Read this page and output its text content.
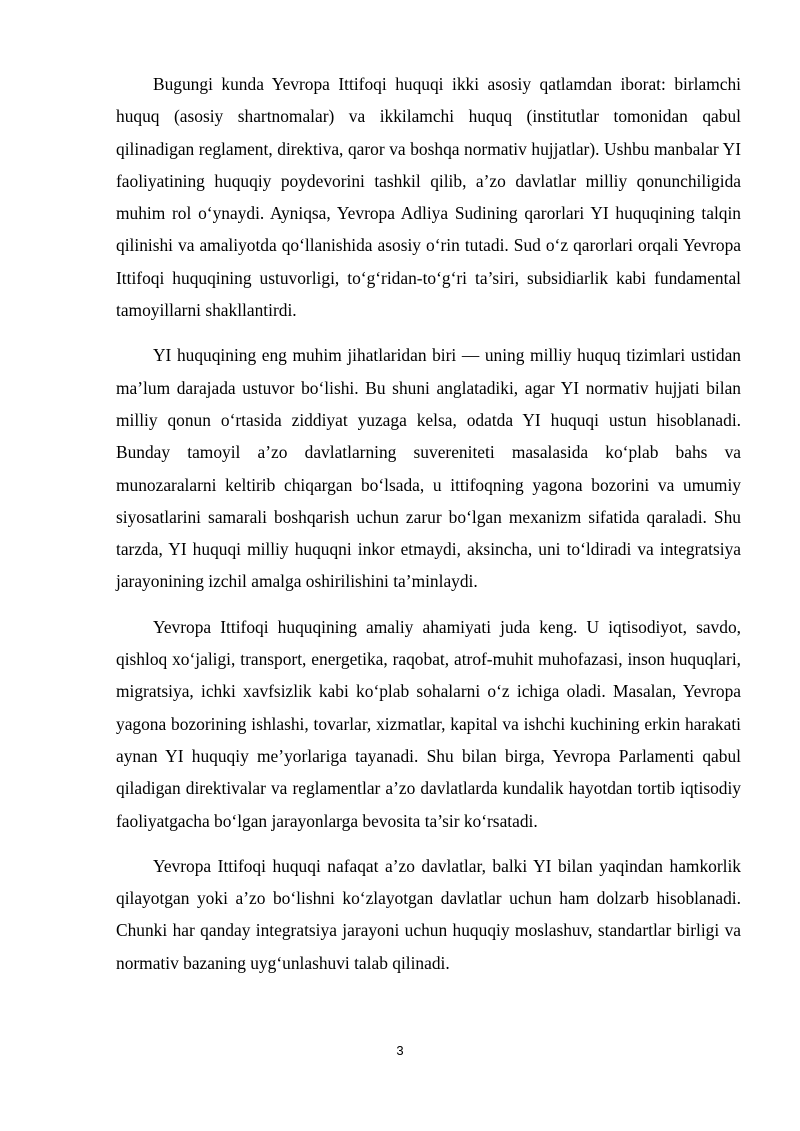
Bugungi kunda Yevropa Ittifoqi huquqi ikki asosiy qatlamdan iborat: birlamchi huquq (asosiy shartnomalar) va ikkilamchi huquq (institutlar tomonidan qabul qilinadigan reglament, direktiva, qaror va boshqa normativ hujjatlar). Ushbu manbalar YI faoliyatining huquqiy poydevorini tashkil qilib, a’zo davlatlar milliy qonunchiligida muhim rol o‘ynaydi. Ayniqsa, Yevropa Adliya Sudining qarorlari YI huquqining talqin qilinishi va amaliyotda qo‘llanishida asosiy o‘rin tutadi. Sud o‘z qarorlari orqali Yevropa Ittifoqi huquqining ustuvorligi, to‘g‘ridan-to‘g‘ri ta’siri, subsidiarlik kabi fundamental tamoyillarni shakllantirdi.

YI huquqining eng muhim jihatlaridan biri — uning milliy huquq tizimlari ustidan ma’lum darajada ustuvor bo‘lishi. Bu shuni anglatadiki, agar YI normativ hujjati bilan milliy qonun o‘rtasida ziddiyat yuzaga kelsa, odatda YI huquqi ustun hisoblanadi. Bunday tamoyil a’zo davlatlarning suvereniteti masalasida ko‘plab bahs va munozaralarni keltirib chiqargan bo‘lsada, u ittifoqning yagona bozorini va umumiy siyosatlarini samarali boshqarish uchun zarur bo‘lgan mexanizm sifatida qaraladi. Shu tarzda, YI huquqi milliy huquqni inkor etmaydi, aksincha, uni to‘ldiradi va integratsiya jarayonining izchil amalga oshirilishini ta’minlaydi.

Yevropa Ittifoqi huquqining amaliy ahamiyati juda keng. U iqtisodiyot, savdo, qishloq xo‘jaligi, transport, energetika, raqobat, atrof-muhit muhofazasi, inson huquqlari, migratsiya, ichki xavfsizlik kabi ko‘plab sohalarni o‘z ichiga oladi. Masalan, Yevropa yagona bozorining ishlashi, tovarlar, xizmatlar, kapital va ishchi kuchining erkin harakati aynan YI huquqiy me’yorlariga tayanadi. Shu bilan birga, Yevropa Parlamenti qabul qiladigan direktivalar va reglamentlar a’zo davlatlarda kundalik hayotdan tortib iqtisodiy faoliyatgacha bo‘lgan jarayonlarga bevosita ta’sir ko‘rsatadi.

Yevropa Ittifoqi huquqi nafaqat a’zo davlatlar, balki YI bilan yaqindan hamkorlik qilayotgan yoki a’zo bo‘lishni ko‘zlayotgan davlatlar uchun ham dolzarb hisoblanadi. Chunki har qanday integratsiya jarayoni uchun huquqiy moslashuv, standartlar birligi va normativ bazaning uyg‘unlashuvi talab qilinadi.

3
